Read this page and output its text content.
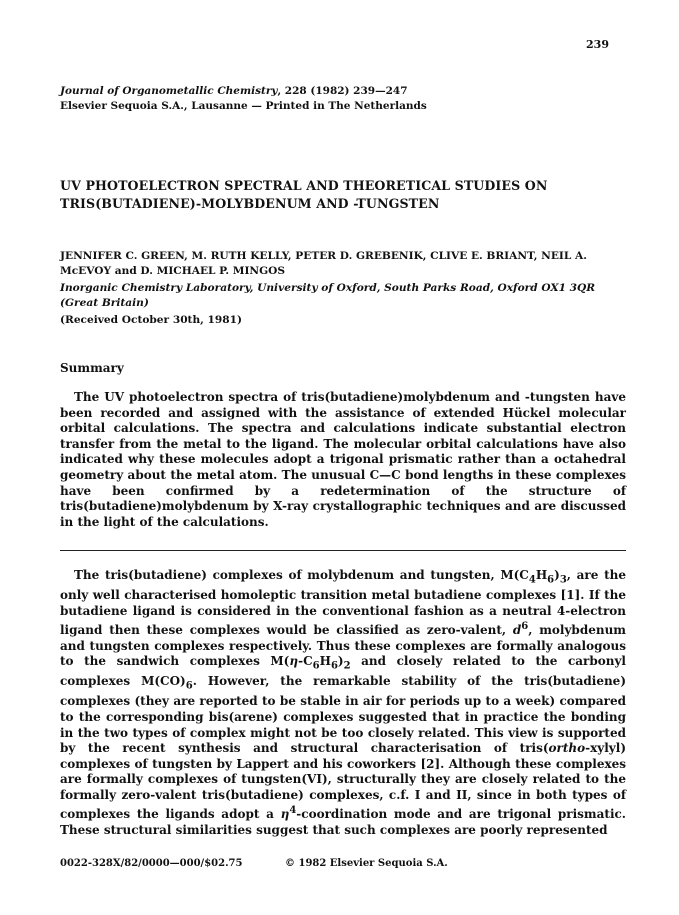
239
Journal of Organometallic Chemistry, 228 (1982) 239—247
Elsevier Sequoia S.A., Lausanne — Printed in The Netherlands
UV PHOTOELECTRON SPECTRAL AND THEORETICAL STUDIES ON TRIS(BUTADIENE)-MOLYBDENUM AND -TUNGSTEN
JENNIFER C. GREEN, M. RUTH KELLY, PETER D. GREBENIK, CLIVE E. BRIANT, NEIL A. McEVOY and D. MICHAEL P. MINGOS
Inorganic Chemistry Laboratory, University of Oxford, South Parks Road, Oxford OX1 3QR (Great Britain)
(Received October 30th, 1981)
Summary

The UV photoelectron spectra of tris(butadiene)molybdenum and -tungsten have been recorded and assigned with the assistance of extended Hückel molecular orbital calculations. The spectra and calculations indicate substantial electron transfer from the metal to the ligand. The molecular orbital calculations have also indicated why these molecules adopt a trigonal prismatic rather than a octahedral geometry about the metal atom. The unusual C—C bond lengths in these complexes have been confirmed by a redetermination of the structure of tris(butadiene)molybdenum by X-ray crystallographic techniques and are discussed in the light of the calculations.

The tris(butadiene) complexes of molybdenum and tungsten, $M(C_4H_6)_3$, are the only well characterised homoleptic transition metal butadiene complexes [1]. If the butadiene ligand is considered in the conventional fashion as a neutral 4-electron ligand then these complexes would be classified as zero-valent, $d^6$, molybdenum and tungsten complexes respectively. Thus these complexes are formally analogous to the sandwich complexes $M(\eta-C_6H_6)_2$ and closely related to the carbonyl complexes $M(CO)_6$. However, the remarkable stability of the tris(butadiene) complexes (they are reported to be stable in air for periods up to a week) compared to the corresponding bis(arene) complexes suggested that in practice the bonding in the two types of complex might not be too closely related. This view is supported by the recent synthesis and structural characterisation of tris(ortho-xylyl) complexes of tungsten by Lappert and his coworkers [2]. Although these complexes are formally complexes of tungsten(VI), structurally they are closely related to the formally zero-valent tris(butadiene) complexes, c.f. I and II, since in both types of complexes the ligands adopt a $\eta^4$-coordination mode and are trigonal prismatic. These structural similarities suggest that such complexes are poorly represented

0022-328X/82/0000—000/$02.75	© 1982 Elsevier Sequoia S.A.
